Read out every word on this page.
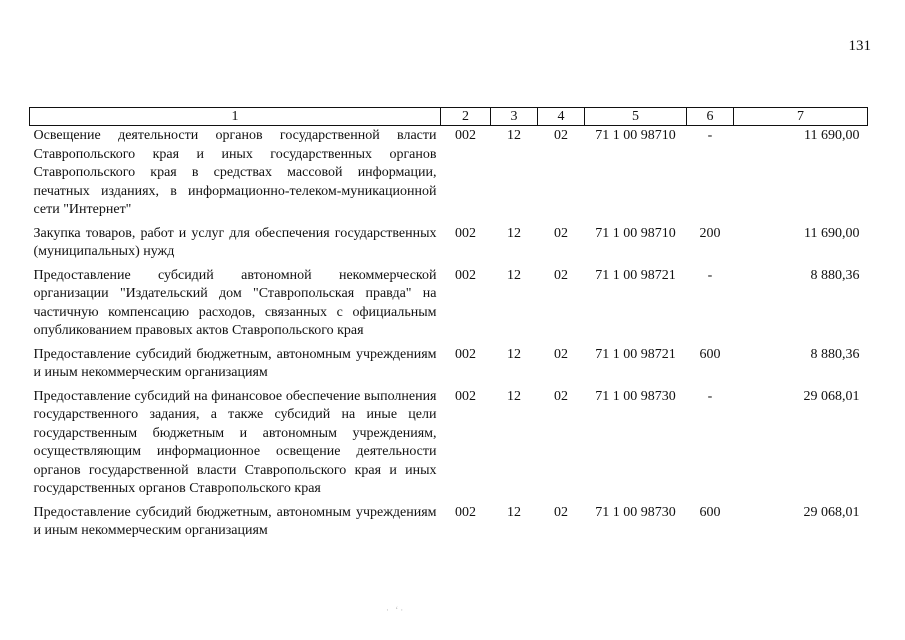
131
1	2	3	4	5	6	7
Освещение деятельности органов государственной власти Ставропольского края и иных государственных органов Ставропольского края в средствах массовой информации, печатных изданиях, в информационно-телеком-муникационной сети "Интернет"	002	12	02	71 1 00 98710	-	11 690,00
Закупка товаров, работ и услуг для обеспечения государственных (муниципальных) нужд	002	12	02	71 1 00 98710	200	11 690,00
Предоставление субсидий автономной некоммерческой организации "Издательский дом "Ставропольская правда" на частичную компенсацию расходов, связанных с официальным опубликованием правовых актов Ставропольского края	002	12	02	71 1 00 98721	-	8 880,36
Предоставление субсидий бюджетным, автономным учреждениям и иным некоммерческим организациям	002	12	02	71 1 00 98721	600	8 880,36
Предоставление субсидий на финансовое обеспечение выполнения государственного задания, а также субсидий на иные цели государственным бюджетным и автономным учреждениям, осуществляющим информационное освещение деятельности органов государственной власти Ставропольского края и иных государственных органов Ставропольского края	002	12	02	71 1 00 98730	-	29 068,01
Предоставление субсидий бюджетным, автономным учреждениям и иным некоммерческим организациям	002	12	02	71 1 00 98730	600	29 068,01
· ‘·
